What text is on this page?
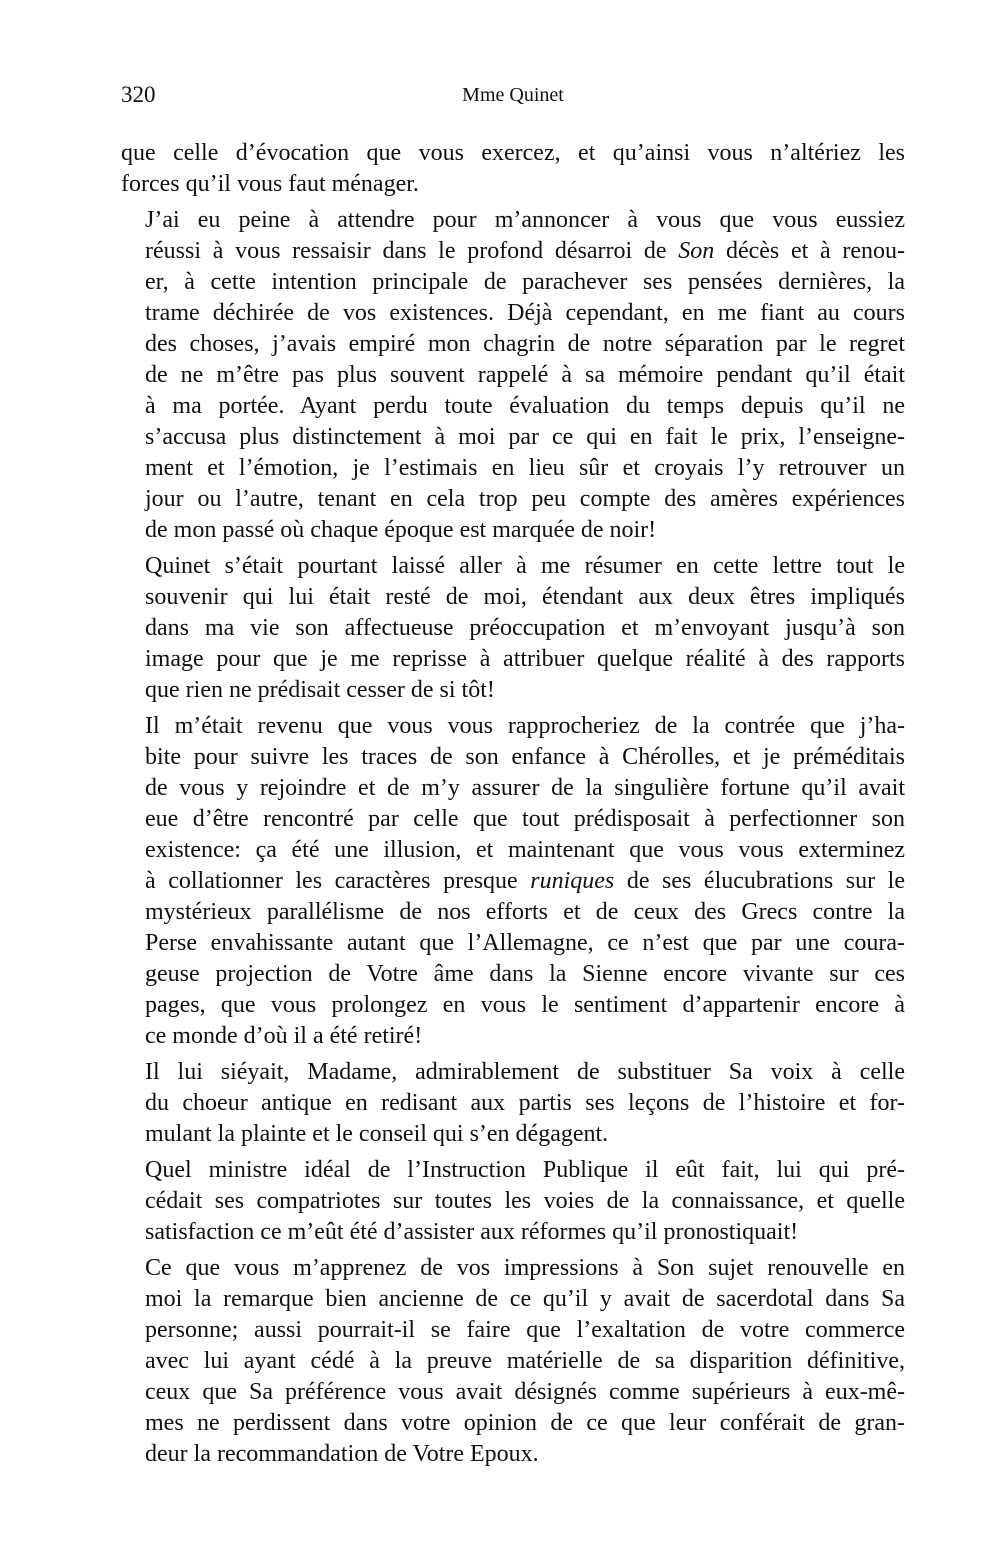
320	Mme Quinet

que celle d’évocation que vous exercez, et qu’ainsi vous n’altériez les
forces qu’il vous faut ménager.

J’ai eu peine à attendre pour m’annoncer à vous que vous eussiez
réussi à vous ressaisir dans le profond désarroi de Son décès et à renou-
er, à cette intention principale de parachever ses pensées dernières, la
trame déchirée de vos existences. Déjà cependant, en me fiant au cours
des choses, j’avais empiré mon chagrin de notre séparation par le regret
de ne m’être pas plus souvent rappelé à sa mémoire pendant qu’il était
à ma portée. Ayant perdu toute évaluation du temps depuis qu’il ne
s’accusa plus distinctement à moi par ce qui en fait le prix, l’enseigne-
ment et l’émotion, je l’estimais en lieu sûr et croyais l’y retrouver un
jour ou l’autre, tenant en cela trop peu compte des amères expériences
de mon passé où chaque époque est marquée de noir!

Quinet s’était pourtant laissé aller à me résumer en cette lettre tout le
souvenir qui lui était resté de moi, étendant aux deux êtres impliqués
dans ma vie son affectueuse préoccupation et m’envoyant jusqu’à son
image pour que je me reprisse à attribuer quelque réalité à des rapports
que rien ne prédisait cesser de si tôt!

Il m’était revenu que vous vous rapprocheriez de la contrée que j’ha-
bite pour suivre les traces de son enfance à Chérolles, et je préméditais
de vous y rejoindre et de m’y assurer de la singulière fortune qu’il avait
eue d’être rencontré par celle que tout prédisposait à perfectionner son
existence: ça été une illusion, et maintenant que vous vous exterminez
à collationner les caractères presque runiques de ses élucubrations sur le
mystérieux parallélisme de nos efforts et de ceux des Grecs contre la
Perse envahissante autant que l’Allemagne, ce n’est que par une coura-
geuse projection de Votre âme dans la Sienne encore vivante sur ces
pages, que vous prolongez en vous le sentiment d’appartenir encore à
ce monde d’où il a été retiré!

Il lui siéyait, Madame, admirablement de substituer Sa voix à celle
du choeur antique en redisant aux partis ses leçons de l’histoire et for-
mulant la plainte et le conseil qui s’en dégagent.

Quel ministre idéal de l’Instruction Publique il eût fait, lui qui pré-
cédait ses compatriotes sur toutes les voies de la connaissance, et quelle
satisfaction ce m’eût été d’assister aux réformes qu’il pronostiquait!

Ce que vous m’apprenez de vos impressions à Son sujet renouvelle en
moi la remarque bien ancienne de ce qu’il y avait de sacerdotal dans Sa
personne; aussi pourrait-il se faire que l’exaltation de votre commerce
avec lui ayant cédé à la preuve matérielle de sa disparition définitive,
ceux que Sa préférence vous avait désignés comme supérieurs à eux-mê-
mes ne perdissent dans votre opinion de ce que leur conférait de gran-
deur la recommandation de Votre Epoux.
